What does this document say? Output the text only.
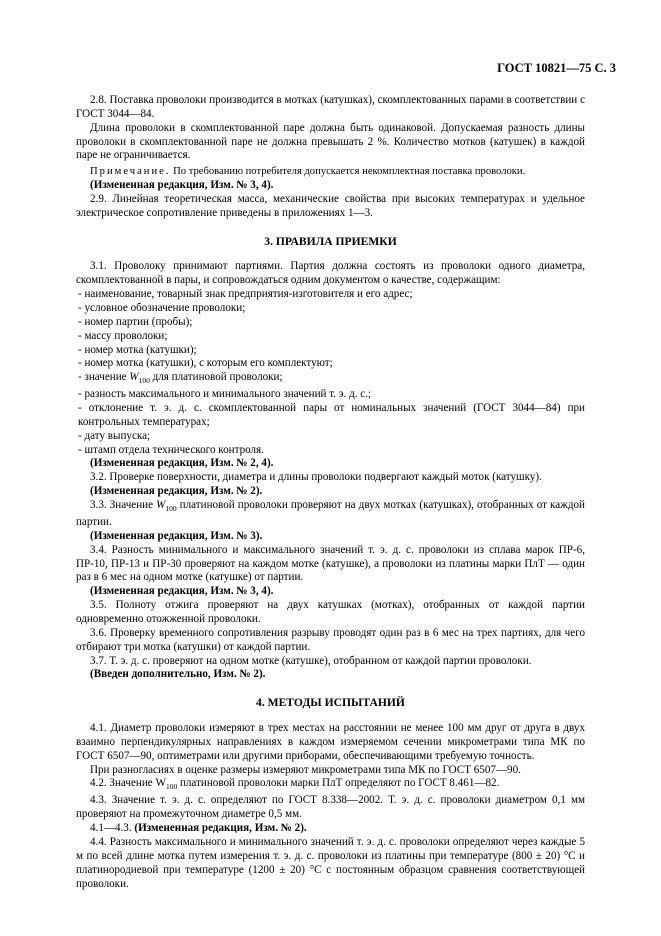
ГОСТ 10821—75 С. 3

2.8. Поставка проволоки производится в мотках (катушках), скомплектованных парами в соответствии с ГОСТ 3044—84.

Длина проволоки в скомплектованной паре должна быть одинаковой. Допускаемая разность длины проволоки в скомплектованной паре не должна превышать 2 %. Количество мотков (катушек) в каждой паре не ограничивается.

Примечание. По требованию потребителя допускается некомплектная поставка проволоки.

(Измененная редакция, Изм. № 3, 4).

2.9. Линейная теоретическая масса, механические свойства при высоких температурах и удельное электрическое сопротивление приведены в приложениях 1—3.

3. ПРАВИЛА ПРИЕМКИ

3.1. Проволоку принимают партиями. Партия должна состоять из проволоки одного диаметра, скомплектованной в пары, и сопровождаться одним документом о качестве, содержащим:

- наименование, товарный знак предприятия-изготовителя и его адрес;

- условное обозначение проволоки;

- номер партии (пробы);

- массу проволоки;

- номер мотка (катушки);

- номер мотка (катушки), с которым его комплектуют;

- значение $W_{100}$ для платиновой проволоки;

- разность максимального и минимального значений т. э. д. с.;

- отклонение т. э. д. с. скомплектованной пары от номинальных значений (ГОСТ 3044—84) при контрольных температурах;

- дату выпуска;

- штамп отдела технического контроля.

(Измененная редакция, Изм. № 2, 4).

3.2. Проверке поверхности, диаметра и длины проволоки подвергают каждый моток (катушку).

(Измененная редакция, Изм. № 2).

3.3. Значение $W_{100}$ платиновой проволоки проверяют на двух мотках (катушках), отобранных от каждой партии.

(Измененная редакция, Изм. № 3).

3.4. Разность минимального и максимального значений т. э. д. с. проволоки из сплава марок ПР-6, ПР-10, ПР-13 и ПР-30 проверяют на каждом мотке (катушке), а проволоки из платины марки ПлТ — один раз в 6 мес на одном мотке (катушке) от партии.

(Измененная редакция, Изм. № 3, 4).

3.5. Полноту отжига проверяют на двух катушках (мотках), отобранных от каждой партии одновременно отожженной проволоки.

3.6. Проверку временного сопротивления разрыву проводят один раз в 6 мес на трех партиях, для чего отбирают три мотка (катушки) от каждой партии.

3.7. Т. э. д. с. проверяют на одном мотке (катушке), отобранном от каждой партии проволоки.

(Введен дополнительно, Изм. № 2).

4. МЕТОДЫ ИСПЫТАНИЙ

4.1. Диаметр проволоки измеряют в трех местах на расстоянии не менее 100 мм друг от друга в двух взаимно перпендикулярных направлениях в каждом измеряемом сечении микрометрами типа МК по ГОСТ 6507—90, оптиметрами или другими приборами, обеспечивающими требуемую точность.

При разногласиях в оценке размеры измеряют микрометрами типа МК по ГОСТ 6507—90.

4.2. Значение $W_{100}$ платиновой проволоки марки ПлТ определяют по ГОСТ 8.461—82.

4.3. Значение т. э. д. с. определяют по ГОСТ 8.338—2002. Т. э. д. с. проволоки диаметром 0,1 мм проверяют на промежуточном диаметре 0,5 мм.

4.1—4.3. (Измененная редакция, Изм. № 2).

4.4. Разность максимального и минимального значений т. э. д. с. проволоки определяют через каждые 5 м по всей длине мотка путем измерения т. э. д. с. проволоки из платины при температуре (800 ± 20) °С и платинородиевой при температуре (1200 ± 20) °С с постоянным образцом сравнения соответствующей проволоки.
